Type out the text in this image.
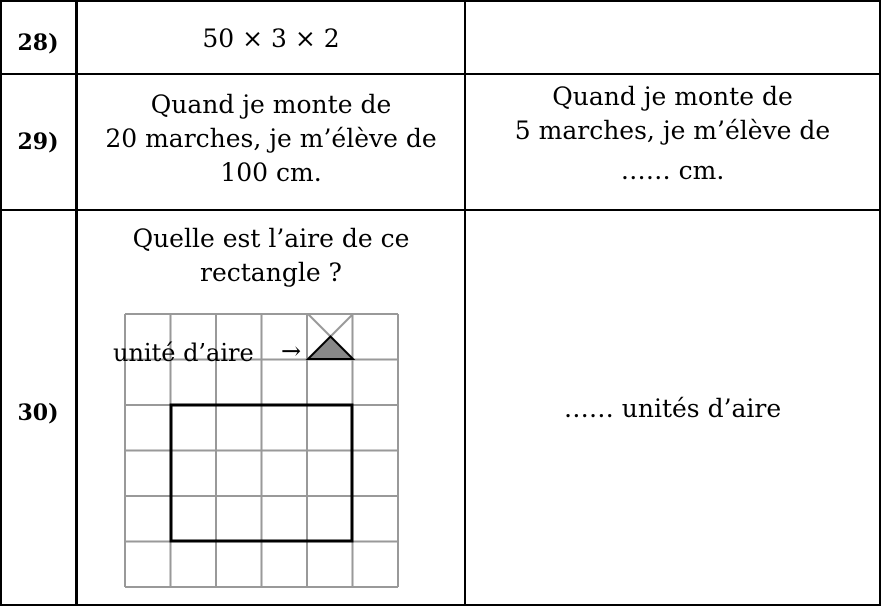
28)	50 × 3 × 2
29)
Quand je monte de
20 marches, je m’élève de
100 cm.
Quand je monte de
5 marches, je m’élève de
…… cm.
30)
Quelle est l’aire de ce
rectangle ?
…… unités d’aire
unité d’aire →
